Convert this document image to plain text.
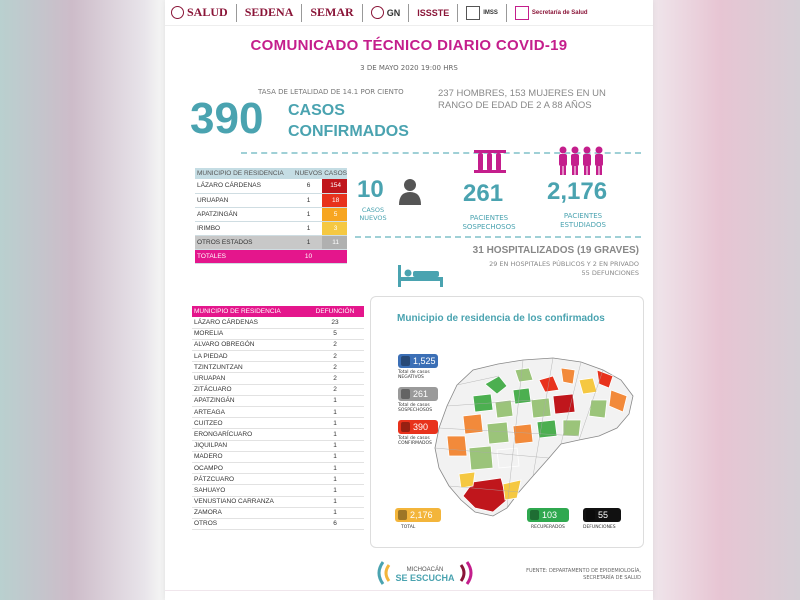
SALUD SEDENA SEMAR	GN ISSSTE	IMSS	Secretaría de Salud
COMUNICADO TÉCNICO DIARIO COVID-19
3 DE MAYO 2020 19:00 HRS
TASA DE LETALIDAD DE 14.1 POR CIENTO
390 CASOS CONFIRMADOS
237 HOMBRES, 153 MUJERES EN UN RANGO DE EDAD DE 2 A 88 AÑOS
MUNICIPIO DE RESIDENCIA	NUEVOS	CASOS
LÁZARO CÁRDENAS	6	154
URUAPAN	1	18
APATZINGÁN	1	5
IRIMBO	1	3
OTROS ESTADOS	1	11
TOTALES	10	
10
CASOS NUEVOS
261
PACIENTES SOSPECHOSOS
2,176
PACIENTES ESTUDIADOS
31 HOSPITALIZADOS (19 GRAVES)
29 EN HOSPITALES PÚBLICOS Y 2 EN PRIVADO
55 DEFUNCIONES
MUNICIPIO DE RESIDENCIA	DEFUNCIÓN
LÁZARO CÁRDENAS	23
MORELIA	5
ALVARO OBREGÓN	2
LA PIEDAD	2
TZINTZUNTZAN	2
URUAPAN	2
ZITÁCUARO	2
APATZINGÁN	1
ARTEAGA	1
CUITZEO	1
ERONGARÍCUARO	1
JIQUILPAN	1
MADERO	1
OCAMPO	1
PÁTZCUARO	1
SAHUAYO	1
VENUSTIANO CARRANZA	1
ZAMORA	1
OTROS	6
Municipio de residencia de los confirmados
1,525
Total de casos NEGATIVOS
261
Total de casos SOSPECHOSOS
390
Total de casos CONFIRMADOS
2,176
TOTAL
103
RECUPERADOS
55
DEFUNCIONES
MICHOACÁN
SE ESCUCHA
FUENTE: DEPARTAMENTO DE EPIDEMIOLOGÍA, SECRETARÍA DE SALUD
